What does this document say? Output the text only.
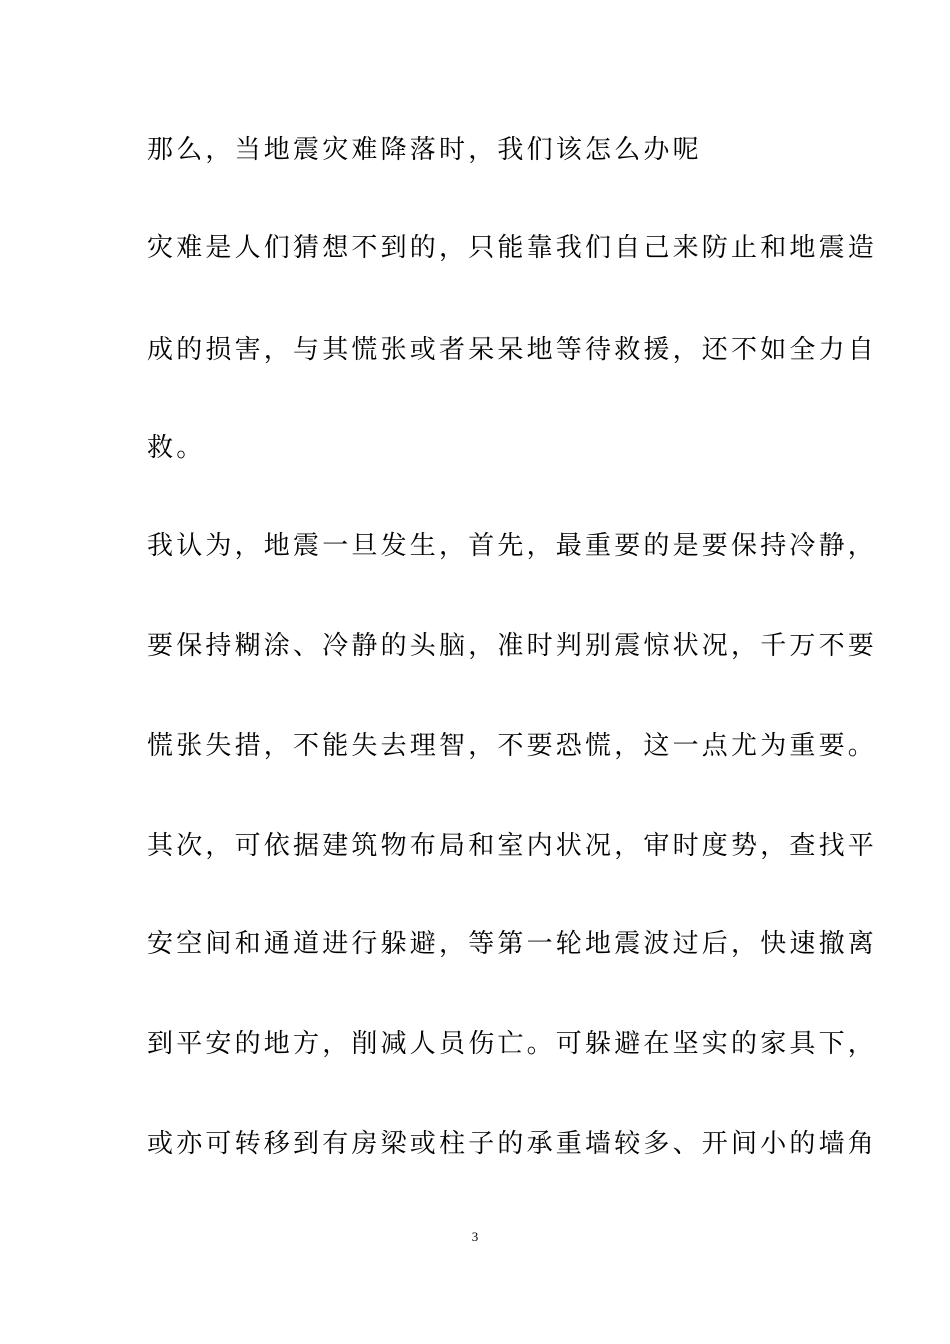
那么，当地震灾难降落时，我们该怎么办呢
灾难是人们猜想不到的，只能靠我们自己来防止和地震造
成的损害，与其慌张或者呆呆地等待救援，还不如全力自
救。
我认为，地震一旦发生，首先，最重要的是要保持冷静，
要保持糊涂、冷静的头脑，准时判别震惊状况，千万不要
慌张失措，不能失去理智，不要恐慌，这一点尤为重要。
其次，可依据建筑物布局和室内状况，审时度势，查找平
安空间和通道进行躲避，等第一轮地震波过后，快速撤离
到平安的地方，削减人员伤亡。可躲避在坚实的家具下，
或亦可转移到有房梁或柱子的承重墙较多、开间小的墙角
3
